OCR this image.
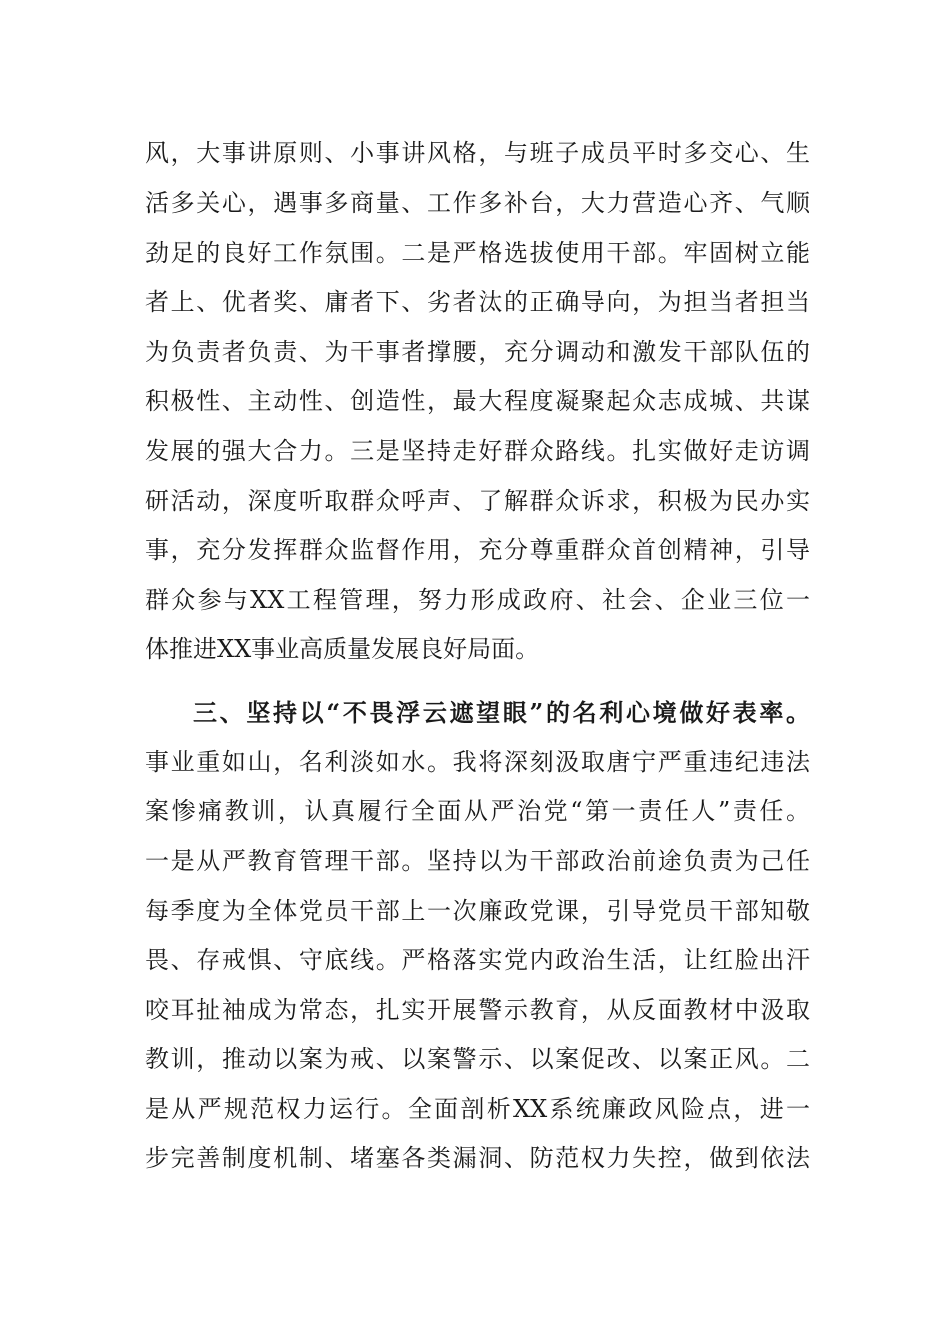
风，大事讲原则、小事讲风格，与班子成员平时多交心、生
活多关心，遇事多商量、工作多补台，大力营造心齐、气顺
劲足的良好工作氛围。二是严格选拔使用干部。牢固树立能
者上、优者奖、庸者下、劣者汰的正确导向，为担当者担当
为负责者负责、为干事者撑腰，充分调动和激发干部队伍的
积极性、主动性、创造性，最大程度凝聚起众志成城、共谋
发展的强大合力。三是坚持走好群众路线。扎实做好走访调
研活动，深度听取群众呼声、了解群众诉求，积极为民办实
事，充分发挥群众监督作用，充分尊重群众首创精神，引导
群众参与XX工程管理，努力形成政府、社会、企业三位一
体推进XX事业高质量发展良好局面。
三、坚持以“不畏浮云遮望眼”的名利心境做好表率。
事业重如山，名利淡如水。我将深刻汲取唐宁严重违纪违法
案惨痛教训，认真履行全面从严治党“第一责任人”责任。
一是从严教育管理干部。坚持以为干部政治前途负责为己任
每季度为全体党员干部上一次廉政党课，引导党员干部知敬
畏、存戒惧、守底线。严格落实党内政治生活，让红脸出汗
咬耳扯袖成为常态，扎实开展警示教育，从反面教材中汲取
教训，推动以案为戒、以案警示、以案促改、以案正风。二
是从严规范权力运行。全面剖析XX系统廉政风险点，进一
步完善制度机制、堵塞各类漏洞、防范权力失控，做到依法
